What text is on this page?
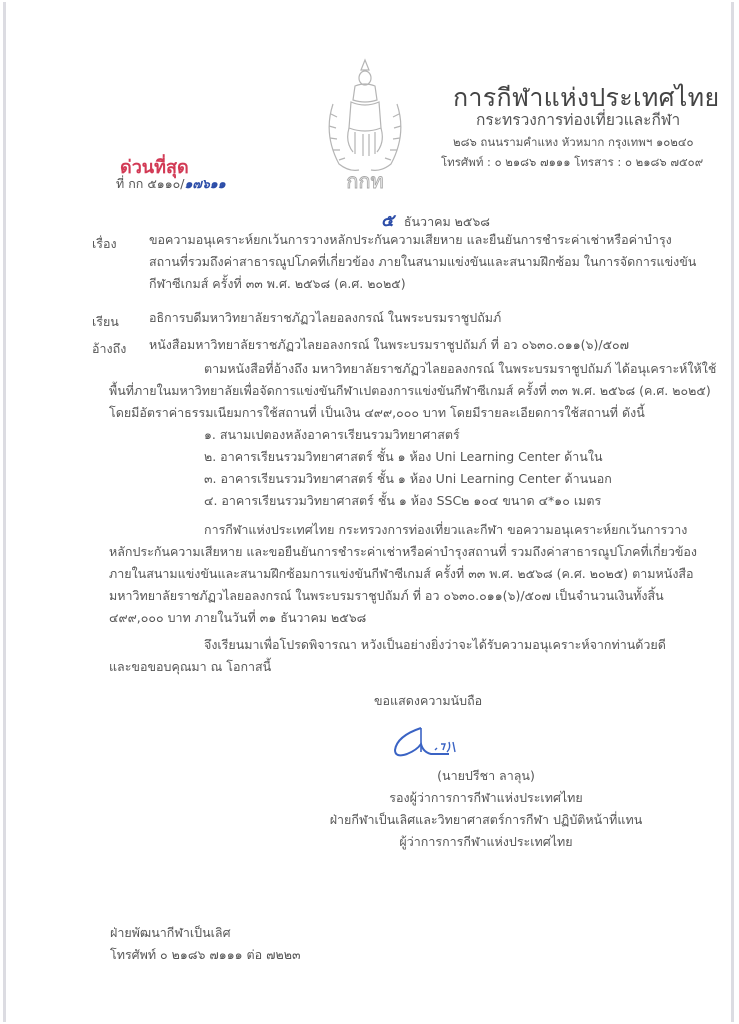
กกท
การกีฬาแห่งประเทศไทย
กระทรวงการท่องเที่ยวและกีฬา
๒๘๖ ถนนรามคำแหง หัวหมาก กรุงเทพฯ ๑๐๒๔๐
โทรศัพท์ : ๐ ๒๑๘๖ ๗๑๑๑ โทรสาร : ๐ ๒๑๘๖ ๗๕๐๙
ด่วนที่สุด
ที่ กก ๕๑๑๐/๑๗๖๑๑
๕ ธันวาคม ๒๕๖๘
เรื่อง	ขอความอนุเคราะห์ยกเว้นการวางหลักประกันความเสียหาย และยืนยันการชำระค่าเช่าหรือค่าบำรุง
สถานที่รวมถึงค่าสาธารณูปโภคที่เกี่ยวข้อง ภายในสนามแข่งขันและสนามฝึกซ้อม ในการจัดการแข่งขัน
กีฬาซีเกมส์ ครั้งที่ ๓๓ พ.ศ. ๒๕๖๘ (ค.ศ. ๒๐๒๕)
เรียน อธิการบดีมหาวิทยาลัยราชภัฏวไลยอลงกรณ์ ในพระบรมราชูปถัมภ์
อ้างถึง หนังสือมหาวิทยาลัยราชภัฏวไลยอลงกรณ์ ในพระบรมราชูปถัมภ์ ที่ อว ๐๖๓๐.๐๑๑(๖)/๕๐๗
ตามหนังสือที่อ้างถึง มหาวิทยาลัยราชภัฏวไลยอลงกรณ์ ในพระบรมราชูปถัมภ์ ได้อนุเคราะห์ให้ใช้
พื้นที่ภายในมหาวิทยาลัยเพื่อจัดการแข่งขันกีฬาเปตองการแข่งขันกีฬาซีเกมส์ ครั้งที่ ๓๓ พ.ศ. ๒๕๖๘ (ค.ศ. ๒๐๒๕)
โดยมีอัตราค่าธรรมเนียมการใช้สถานที่ เป็นเงิน ๔๙๙,๐๐๐ บาท โดยมีรายละเอียดการใช้สถานที่ ดังนี้
๑. สนามเปตองหลังอาคารเรียนรวมวิทยาศาสตร์
๒. อาคารเรียนรวมวิทยาศาสตร์ ชั้น ๑ ห้อง Uni Learning Center ด้านใน
๓. อาคารเรียนรวมวิทยาศาสตร์ ชั้น ๑ ห้อง Uni Learning Center ด้านนอก
๔. อาคารเรียนรวมวิทยาศาสตร์ ชั้น ๑ ห้อง SSC๒ ๑๐๔ ขนาด ๔*๑๐ เมตร
การกีฬาแห่งประเทศไทย กระทรวงการท่องเที่ยวและกีฬา ขอความอนุเคราะห์ยกเว้นการวาง
หลักประกันความเสียหาย และขอยืนยันการชำระค่าเช่าหรือค่าบำรุงสถานที่ รวมถึงค่าสาธารณูปโภคที่เกี่ยวข้อง
ภายในสนามแข่งขันและสนามฝึกซ้อมการแข่งขันกีฬาซีเกมส์ ครั้งที่ ๓๓ พ.ศ. ๒๕๖๘ (ค.ศ. ๒๐๒๕) ตามหนังสือ
มหาวิทยาลัยราชภัฏวไลยอลงกรณ์ ในพระบรมราชูปถัมภ์ ที่ อว ๐๖๓๐.๐๑๑(๖)/๕๐๗ เป็นจำนวนเงินทั้งสิ้น
๔๙๙,๐๐๐ บาท ภายในวันที่ ๓๑ ธันวาคม ๒๕๖๘
จึงเรียนมาเพื่อโปรดพิจารณา หวังเป็นอย่างยิ่งว่าจะได้รับความอนุเคราะห์จากท่านด้วยดี
และขอขอบคุณมา ณ โอกาสนี้
ขอแสดงความนับถือ
(นายปรีชา ลาลุน)
รองผู้ว่าการการกีฬาแห่งประเทศไทย
ฝ่ายกีฬาเป็นเลิศและวิทยาศาสตร์การกีฬา ปฏิบัติหน้าที่แทน
ผู้ว่าการการกีฬาแห่งประเทศไทย
ฝ่ายพัฒนากีฬาเป็นเลิศ
โทรศัพท์ ๐ ๒๑๘๖ ๗๑๑๑ ต่อ ๗๒๒๓
